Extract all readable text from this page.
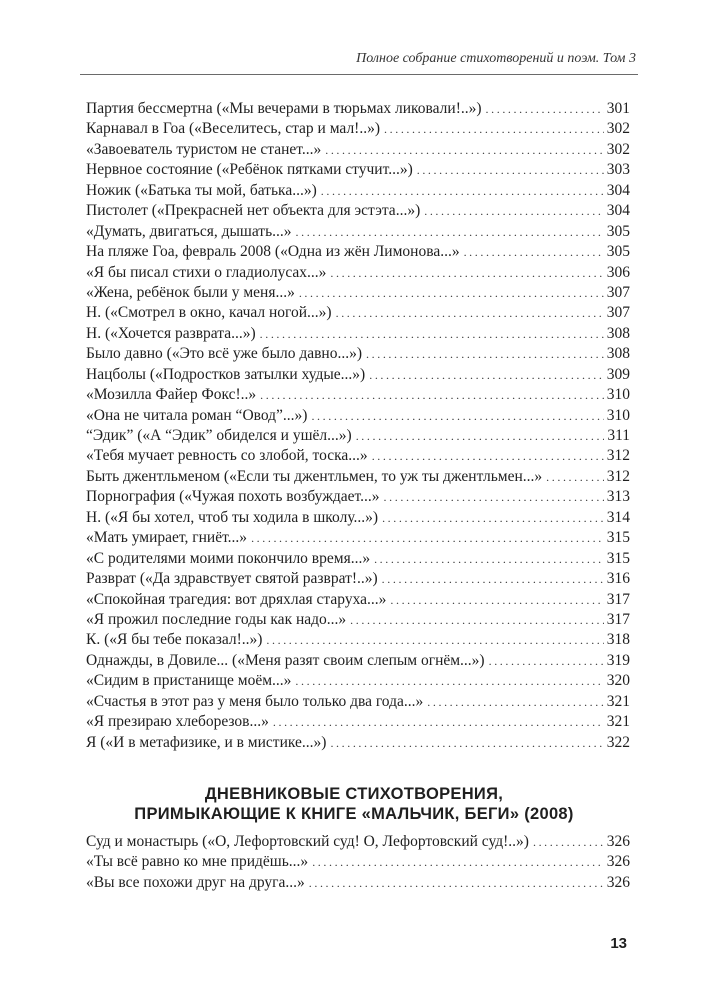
Полное собрание стихотворений и поэм. Том 3
Партия бессмертна («Мы вечерами в тюрьмах ликовали!..») .....	301
Карнавал в Гоа («Веселитесь, стар и мал!..») .....	302
«Завоеватель туристом не станет...» .....	302
Нервное состояние («Ребёнок пятками стучит...») .....	303
Ножик («Батька ты мой, батька...») .....	304
Пистолет («Прекрасней нет объекта для эстэта...») .....	304
«Думать, двигаться, дышать...» .....	305
На пляже Гоа, февраль 2008 («Одна из жён Лимонова...» .....	305
«Я бы писал стихи о гладиолусах...» .....	306
«Жена, ребёнок были у меня...» .....	307
Н. («Смотрел в окно, качал ногой...») .....	307
Н. («Хочется разврата...») .....	308
Было давно («Это всё уже было давно...») .....	308
Нацболы («Подростков затылки худые...») .....	309
«Мозилла Файер Фокс!..» .....	310
«Она не читала роман “Овод”...») .....	310
“Эдик” («А “Эдик” обиделся и ушёл...») .....	311
«Тебя мучает ревность со злобой, тоска...» .....	312
Быть джентльменом («Если ты джентльмен, то уж ты джентльмен...» .....	312
Порнография («Чужая похоть возбуждает...» .....	313
Н. («Я бы хотел, чтоб ты ходила в школу...») .....	314
«Мать умирает, гниёт...» .....	315
«С родителями моими покончило время...» .....	315
Разврат («Да здравствует святой разврат!..») .....	316
«Спокойная трагедия: вот дряхлая старуха...» .....	317
«Я прожил последние годы как надо...» .....	317
К. («Я бы тебе показал!..») .....	318
Однажды, в Довиле... («Меня разят своим слепым огнём...») .....	319
«Сидим в пристанище моём...» .....	320
«Счастья в этот раз у меня было только два года...» .....	321
«Я презираю хлеборезов...» .....	321
Я («И в метафизике, и в мистике...») .....	322
ДНЕВНИКОВЫЕ СТИХОТВОРЕНИЯ,
ПРИМЫКАЮЩИЕ К КНИГЕ «МАЛЬЧИК, БЕГИ» (2008)
Суд и монастырь («О, Лефортовский суд! О, Лефортовский суд!..») .....	326
«Ты всё равно ко мне придёшь...» .....	326
«Вы все похожи друг на друга...» .....	326
13
